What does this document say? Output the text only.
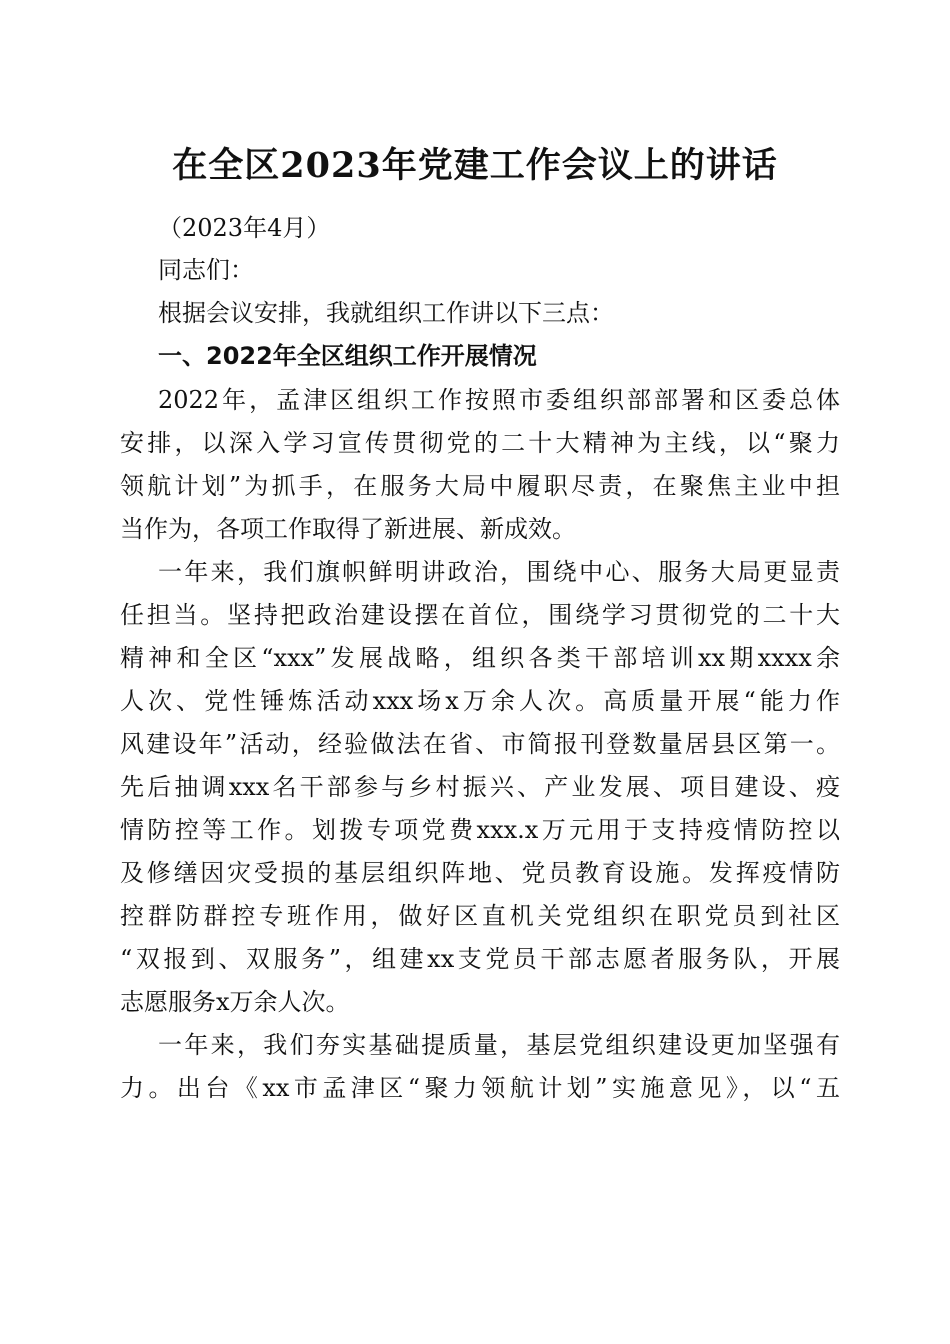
在全区2023年党建工作会议上的讲话
（2023年4月）
同志们：
根据会议安排，我就组织工作讲以下三点：
一、2022年全区组织工作开展情况
2022年，孟津区组织工作按照市委组织部部署和区委总体
安排，以深入学习宣传贯彻党的二十大精神为主线，以“聚力
领航计划”为抓手，在服务大局中履职尽责，在聚焦主业中担
当作为，各项工作取得了新进展、新成效。
一年来，我们旗帜鲜明讲政治，围绕中心、服务大局更显责
任担当。坚持把政治建设摆在首位，围绕学习贯彻党的二十大
精神和全区“xxx”发展战略，组织各类干部培训xx期xxxx余
人次、党性锤炼活动xxx场x万余人次。高质量开展“能力作
风建设年”活动，经验做法在省、市简报刊登数量居县区第一。
先后抽调xxx名干部参与乡村振兴、产业发展、项目建设、疫
情防控等工作。划拨专项党费xxx.x万元用于支持疫情防控以
及修缮因灾受损的基层组织阵地、党员教育设施。发挥疫情防
控群防群控专班作用，做好区直机关党组织在职党员到社区
“双报到、双服务”，组建xx支党员干部志愿者服务队，开展
志愿服务x万余人次。
一年来，我们夯实基础提质量，基层党组织建设更加坚强有
力。出台《xx市孟津区“聚力领航计划”实施意见》，以“五
